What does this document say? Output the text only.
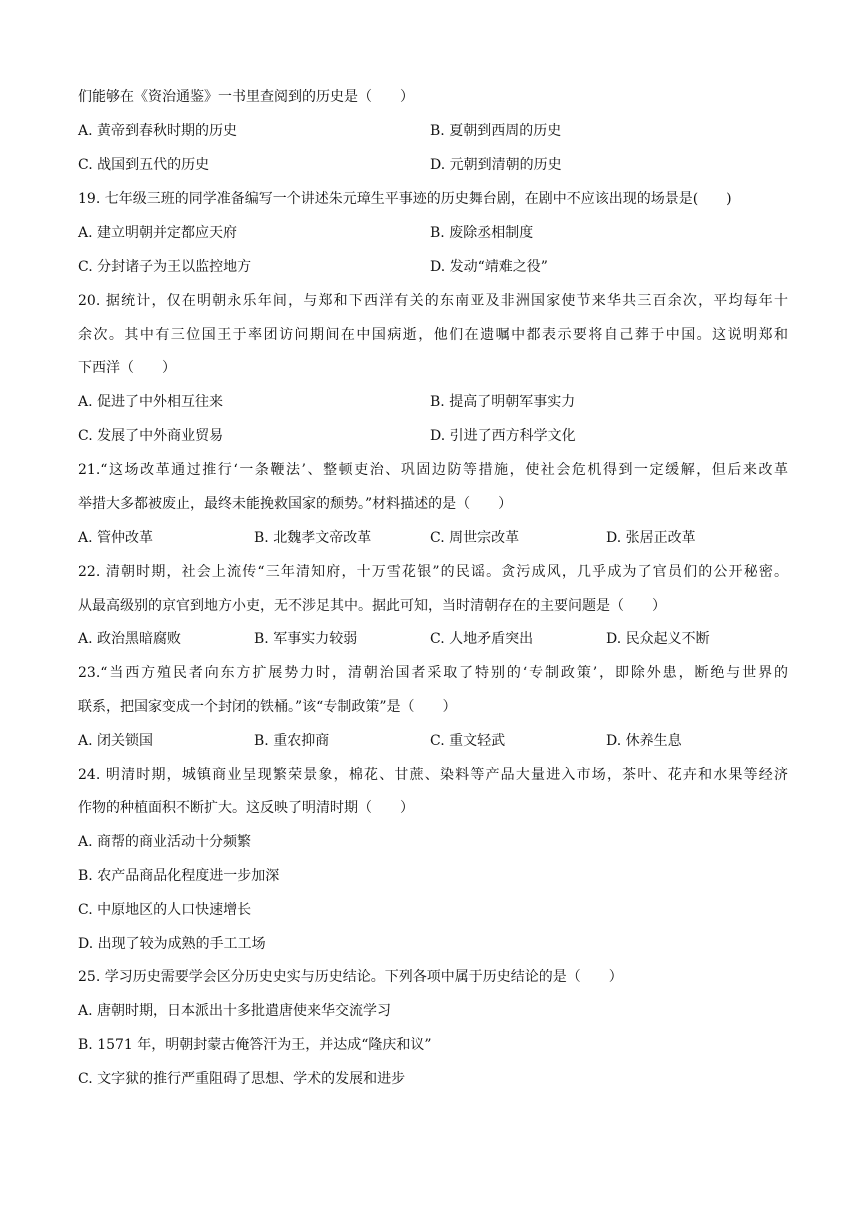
们能够在《资治通鉴》一书里查阅到的历史是（　　）
A. 黄帝到春秋时期的历史	B. 夏朝到西周的历史
C. 战国到五代的历史	D. 元朝到清朝的历史
19. 七年级三班的同学准备编写一个讲述朱元璋生平事迹的历史舞台剧，在剧中不应该出现的场景是(　　)
A. 建立明朝并定都应天府	B. 废除丞相制度
C. 分封诸子为王以监控地方	D. 发动“靖难之役”
20. 据统计，仅在明朝永乐年间，与郑和下西洋有关的东南亚及非洲国家使节来华共三百余次，平均每年十
余次。其中有三位国王于率团访问期间在中国病逝，他们在遗嘱中都表示要将自己葬于中国。这说明郑和
下西洋（　　）
A. 促进了中外相互往来	B. 提高了明朝军事实力
C. 发展了中外商业贸易	D. 引进了西方科学文化
21.“这场改革通过推行‘一条鞭法’、整顿吏治、巩固边防等措施，使社会危机得到一定缓解，但后来改革
举措大多都被废止，最终未能挽救国家的颓势。”材料描述的是（　　）
A. 管仲改革	B. 北魏孝文帝改革	C. 周世宗改革	D. 张居正改革
22. 清朝时期，社会上流传“三年清知府，十万雪花银”的民谣。贪污成风，几乎成为了官员们的公开秘密。
从最高级别的京官到地方小吏，无不涉足其中。据此可知，当时清朝存在的主要问题是（　　）
A. 政治黑暗腐败	B. 军事实力较弱	C. 人地矛盾突出	D. 民众起义不断
23.“当西方殖民者向东方扩展势力时，清朝治国者采取了特别的‘专制政策’，即除外患，断绝与世界的
联系，把国家变成一个封闭的铁桶。”该“专制政策”是（　　）
A. 闭关锁国	B. 重农抑商	C. 重文轻武	D. 休养生息
24. 明清时期，城镇商业呈现繁荣景象，棉花、甘蔗、染料等产品大量进入市场，茶叶、花卉和水果等经济
作物的种植面积不断扩大。这反映了明清时期（　　）
A. 商帮的商业活动十分频繁
B. 农产品商品化程度进一步加深
C. 中原地区的人口快速增长
D. 出现了较为成熟的手工工场
25. 学习历史需要学会区分历史史实与历史结论。下列各项中属于历史结论的是（　　）
A. 唐朝时期，日本派出十多批遣唐使来华交流学习
B. 1571 年，明朝封蒙古俺答汗为王，并达成“隆庆和议”
C. 文字狱的推行严重阻碍了思想、学术的发展和进步
